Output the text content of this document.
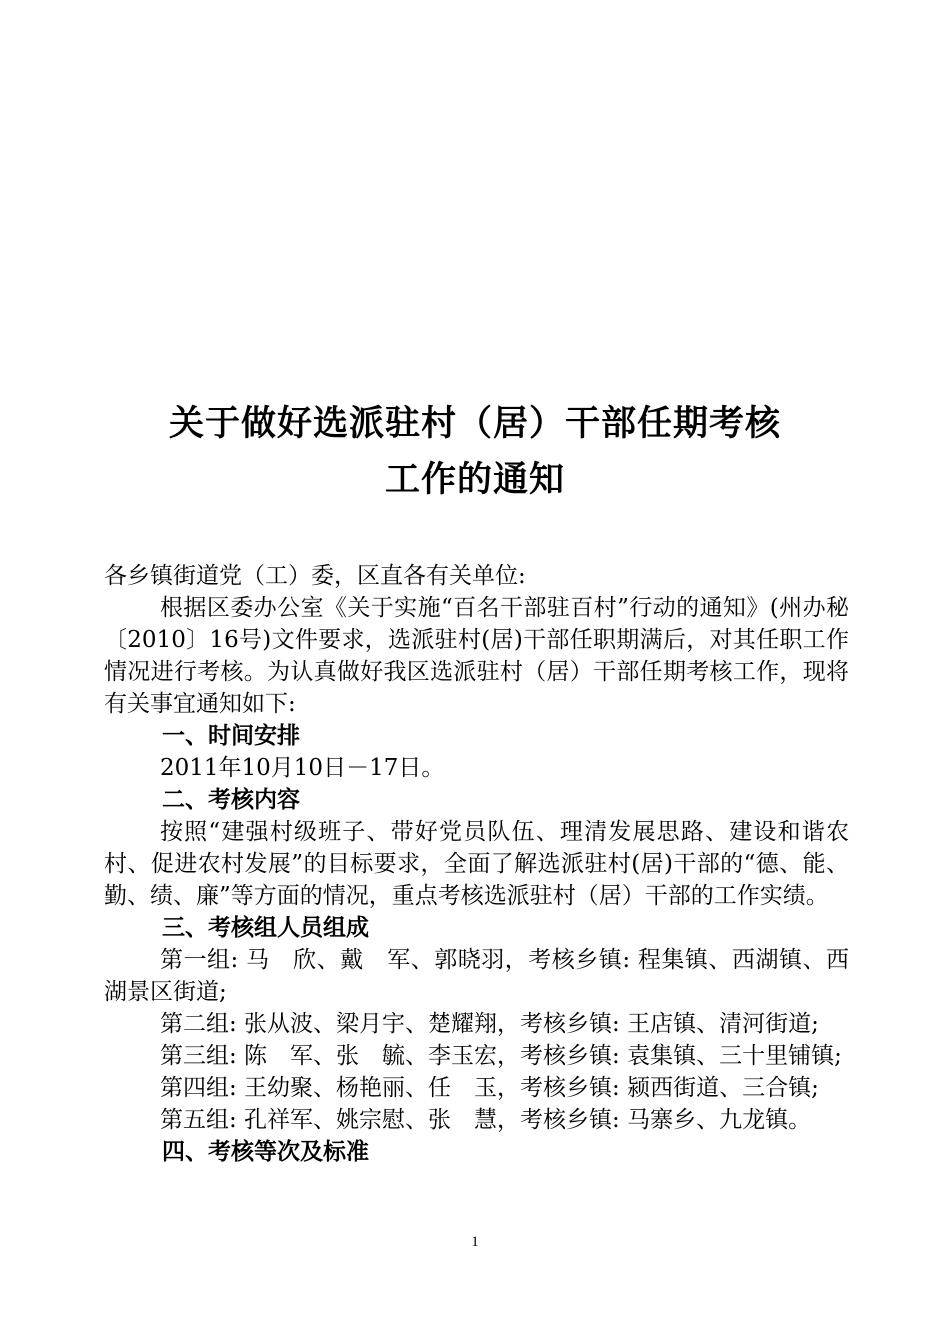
关于做好选派驻村（居）干部任期考核
工作的通知

各乡镇街道党（工）委，区直各有关单位:

根据区委办公室《关于实施“百名干部驻百村”行动的通知》(州办秘〔2010〕16号)文件要求，选派驻村(居)干部任职期满后，对其任职工作情况进行考核。为认真做好我区选派驻村（居）干部任期考核工作，现将有关事宜通知如下:

一、时间安排

2011年10月10日－17日。

二、考核内容

按照“建强村级班子、带好党员队伍、理清发展思路、建设和谐农村、促进农村发展”的目标要求，全面了解选派驻村(居)干部的“德、能、勤、绩、廉”等方面的情况，重点考核选派驻村（居）干部的工作实绩。

三、考核组人员组成

第一组: 马　欣、戴　军、郭晓羽，考核乡镇: 程集镇、西湖镇、西湖景区街道;

第二组: 张从波、梁月宇、楚耀翔，考核乡镇: 王店镇、清河街道;

第三组: 陈　军、张　毓、李玉宏，考核乡镇: 袁集镇、三十里铺镇;

第四组: 王幼聚、杨艳丽、任　玉，考核乡镇: 颍西街道、三合镇;

第五组: 孔祥军、姚宗慰、张　慧，考核乡镇: 马寨乡、九龙镇。

四、考核等次及标准

1
